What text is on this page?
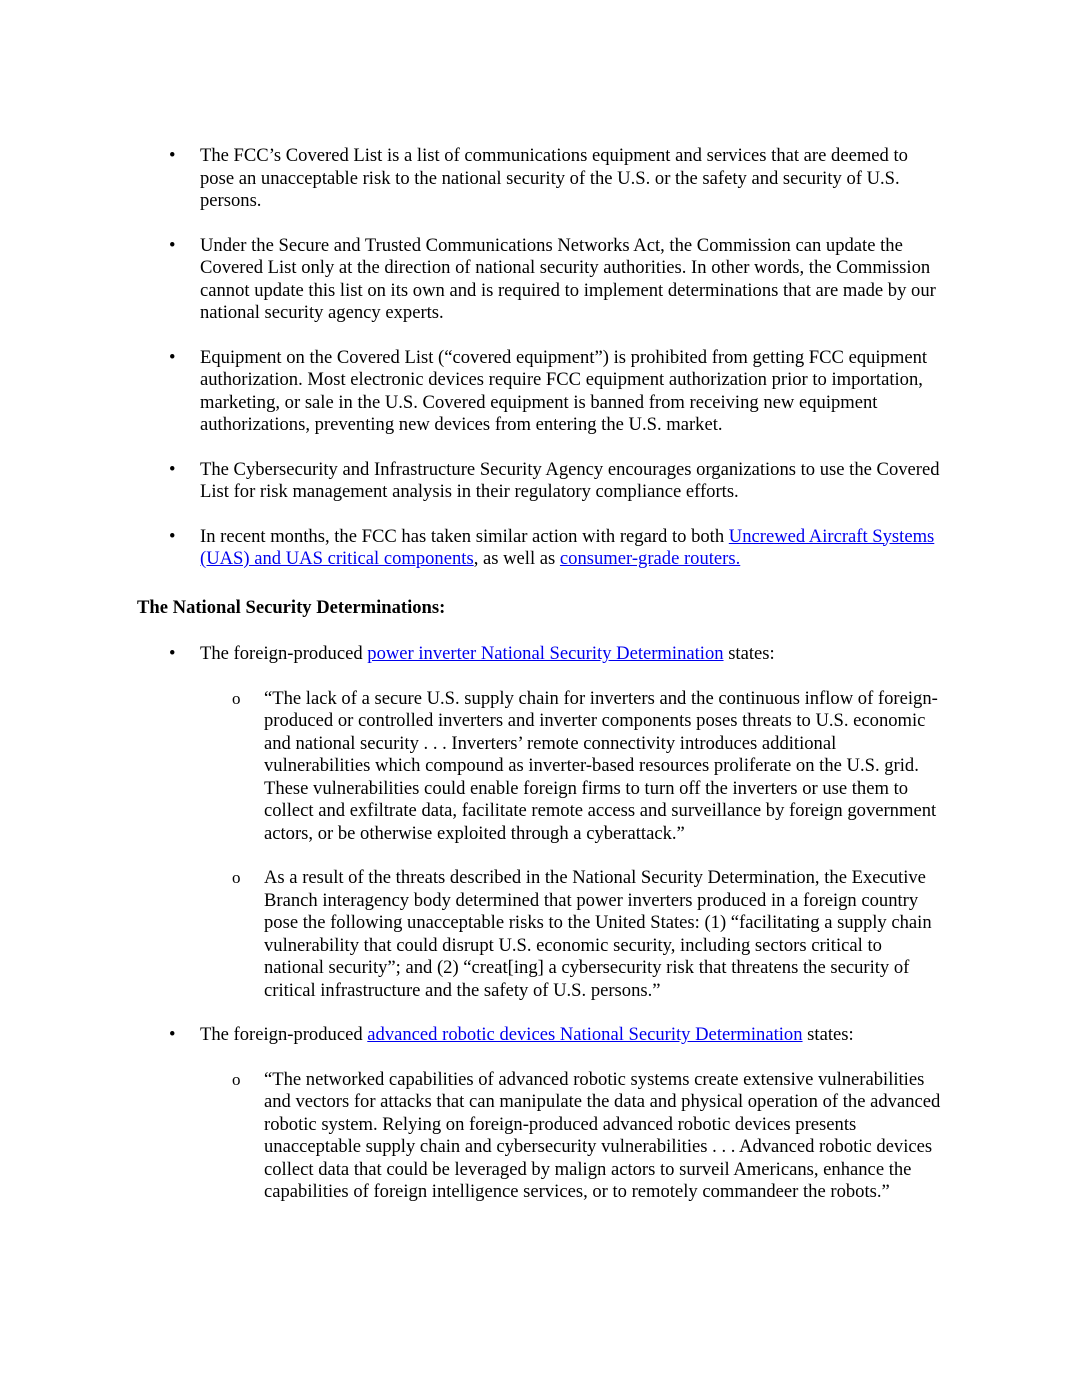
• The FCC’s Covered List is a list of communications equipment and services that are deemed to pose an unacceptable risk to the national security of the U.S. or the safety and security of U.S. persons.
• Under the Secure and Trusted Communications Networks Act, the Commission can update the Covered List only at the direction of national security authorities. In other words, the Commission cannot update this list on its own and is required to implement determinations that are made by our national security agency experts.
• Equipment on the Covered List (“covered equipment”) is prohibited from getting FCC equipment authorization. Most electronic devices require FCC equipment authorization prior to importation, marketing, or sale in the U.S. Covered equipment is banned from receiving new equipment authorizations, preventing new devices from entering the U.S. market.
• The Cybersecurity and Infrastructure Security Agency encourages organizations to use the Covered List for risk management analysis in their regulatory compliance efforts.
• In recent months, the FCC has taken similar action with regard to both Uncrewed Aircraft Systems (UAS) and UAS critical components, as well as consumer-grade routers.
The National Security Determinations:
• The foreign-produced power inverter National Security Determination states:
o “The lack of a secure U.S. supply chain for inverters and the continuous inflow of foreign-produced or controlled inverters and inverter components poses threats to U.S. economic and national security . . . Inverters’ remote connectivity introduces additional vulnerabilities which compound as inverter-based resources proliferate on the U.S. grid. These vulnerabilities could enable foreign firms to turn off the inverters or use them to collect and exfiltrate data, facilitate remote access and surveillance by foreign government actors, or be otherwise exploited through a cyberattack.”
o As a result of the threats described in the National Security Determination, the Executive Branch interagency body determined that power inverters produced in a foreign country pose the following unacceptable risks to the United States: (1) “facilitating a supply chain vulnerability that could disrupt U.S. economic security, including sectors critical to national security”; and (2) “creat[ing] a cybersecurity risk that threatens the security of critical infrastructure and the safety of U.S. persons.”
• The foreign-produced advanced robotic devices National Security Determination states:
o “The networked capabilities of advanced robotic systems create extensive vulnerabilities and vectors for attacks that can manipulate the data and physical operation of the advanced robotic system. Relying on foreign-produced advanced robotic devices presents unacceptable supply chain and cybersecurity vulnerabilities . . . Advanced robotic devices collect data that could be leveraged by malign actors to surveil Americans, enhance the capabilities of foreign intelligence services, or to remotely commandeer the robots.”
